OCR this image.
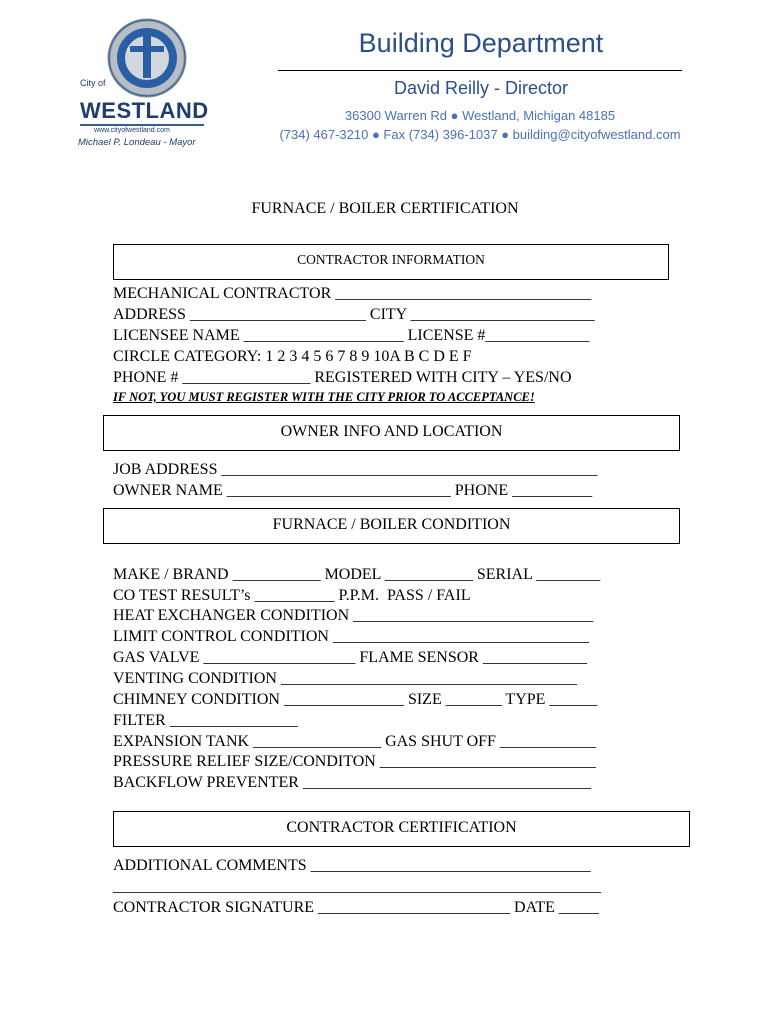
City of
WESTLAND
www.cityofwestland.com
Michael P. Londeau - Mayor
Building Department
David Reilly - Director
36300 Warren Rd ● Westland, Michigan 48185
(734) 467-3210 ● Fax (734) 396-1037 ● building@cityofwestland.com
FURNACE / BOILER CERTIFICATION
CONTRACTOR INFORMATION
MECHANICAL CONTRACTOR ________________________________
ADDRESS ______________________ CITY _______________________
LICENSEE NAME ____________________ LICENSE #_____________
CIRCLE CATEGORY: 1 2 3 4 5 6 7 8 9 10A B C D E F
PHONE # ________________ REGISTERED WITH CITY – YES/NO
IF NOT, YOU MUST REGISTER WITH THE CITY PRIOR TO ACCEPTANCE!
OWNER INFO AND LOCATION
JOB ADDRESS _______________________________________________
OWNER NAME ____________________________ PHONE __________
FURNACE / BOILER CONDITION
MAKE / BRAND ___________ MODEL ___________ SERIAL ________
CO TEST RESULT’s __________ P.P.M.  PASS / FAIL
HEAT EXCHANGER CONDITION ______________________________
LIMIT CONTROL CONDITION ________________________________
GAS VALVE ___________________ FLAME SENSOR _____________
VENTING CONDITION _____________________________________
CHIMNEY CONDITION _______________ SIZE _______ TYPE ______
FILTER ________________
EXPANSION TANK ________________ GAS SHUT OFF ____________
PRESSURE RELIEF SIZE/CONDITON ___________________________
BACKFLOW PREVENTER ____________________________________
CONTRACTOR CERTIFICATION
ADDITIONAL COMMENTS ___________________________________
_____________________________________________________________
CONTRACTOR SIGNATURE ________________________ DATE _____
